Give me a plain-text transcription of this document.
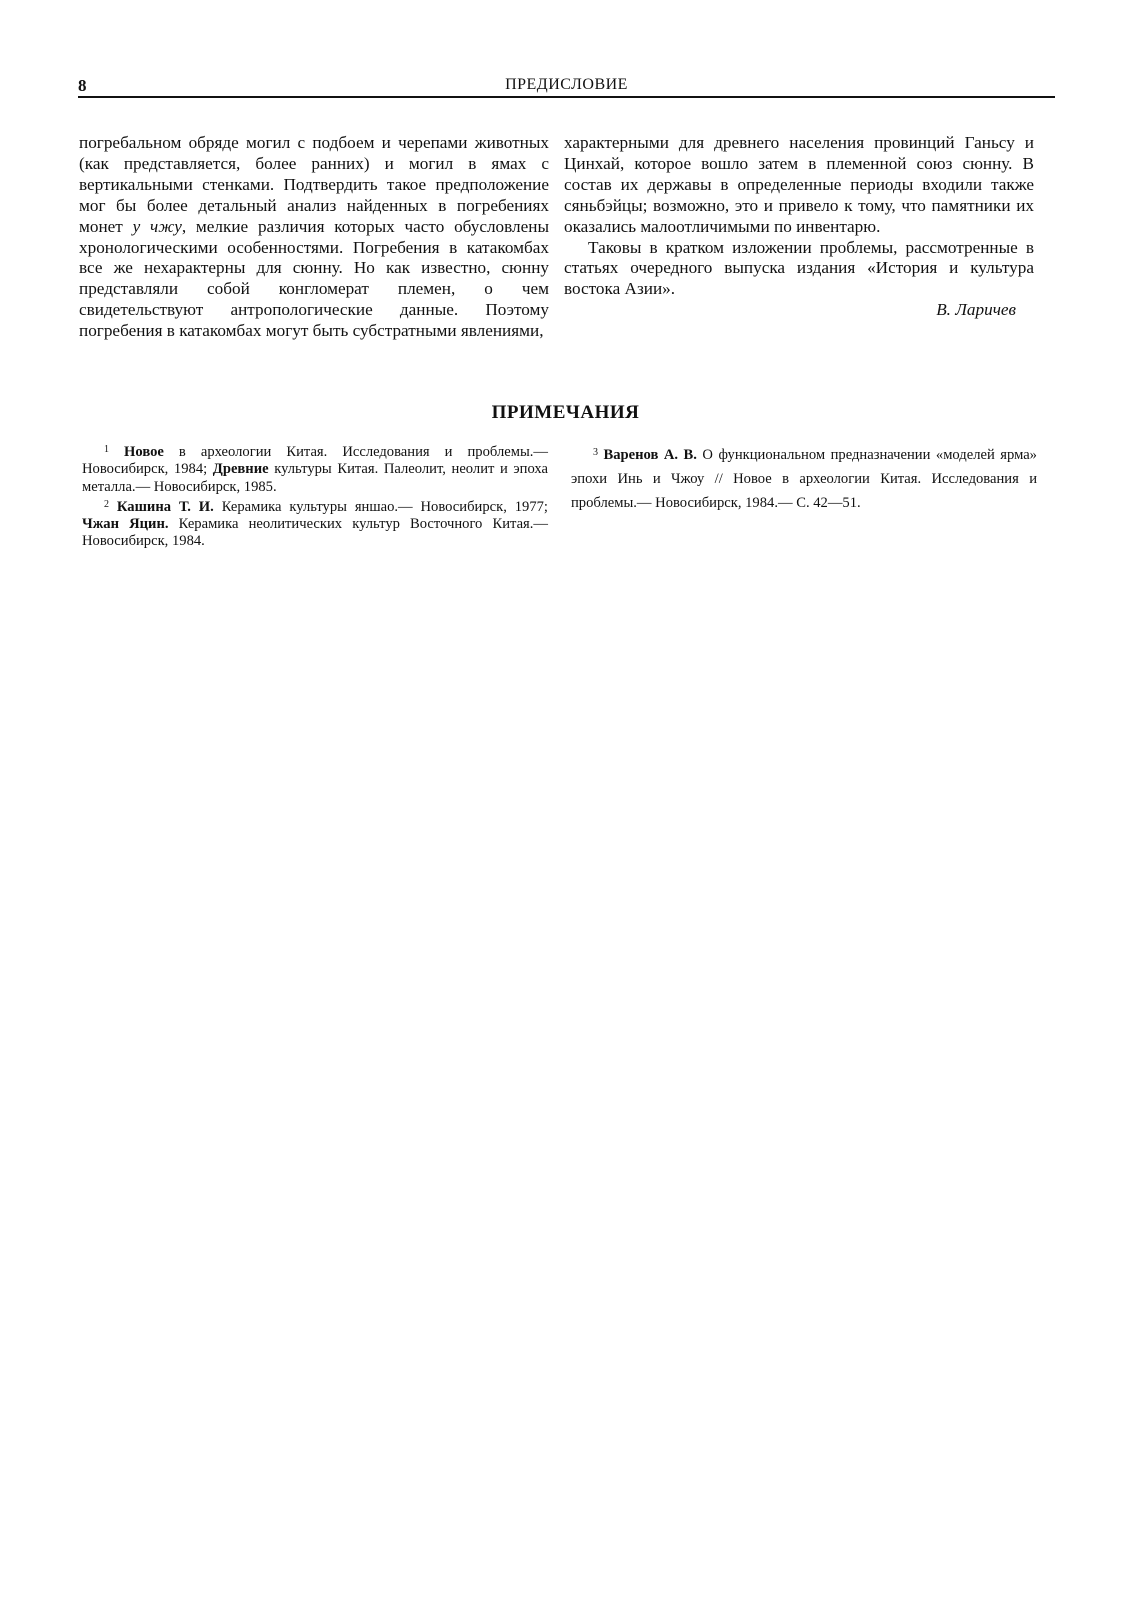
8	ПРЕДИСЛОВИЕ

погребальном обряде могил с подбоем и черепами животных (как представляется, более ранних) и могил в ямах с вертикальными стенками. Подтвердить такое предположение мог бы более детальный анализ найденных в погребениях монет у чжу, мелкие различия которых часто обусловлены хронологическими особенностями. Погребения в катакомбах все же нехарактерны для сюнну. Но как известно, сюнну представляли собой конгломерат племен, о чем свидетельствуют антропологические данные. Поэтому погребения в катакомбах могут быть субстратными явлениями,

характерными для древнего населения провинций Ганьсу и Цинхай, которое вошло затем в племенной союз сюнну. В состав их державы в определенные периоды входили также сяньбэйцы; возможно, это и привело к тому, что памятники их оказались малоотличимыми по инвентарю.

Таковы в кратком изложении проблемы, рассмотренные в статьях очередного выпуска издания «История и культура востока Азии».

В. Ларичев

ПРИМЕЧАНИЯ

$^1$ Новое в археологии Китая. Исследования и проблемы.— Новосибирск, 1984; Древние культуры Китая. Палеолит, неолит и эпоха металла.— Новосибирск, 1985.

$^2$ Кашина Т. И. Керамика культуры яншао.— Новосибирск, 1977; Чжан Яцин. Керамика неолитических культур Восточного Китая.— Новосибирск, 1984.

$^3$ Варенов А. В. О функциональном предназначении «моделей ярма» эпохи Инь и Чжоу // Новое в археологии Китая. Исследования и проблемы.— Новосибирск, 1984.— С. 42—51.
